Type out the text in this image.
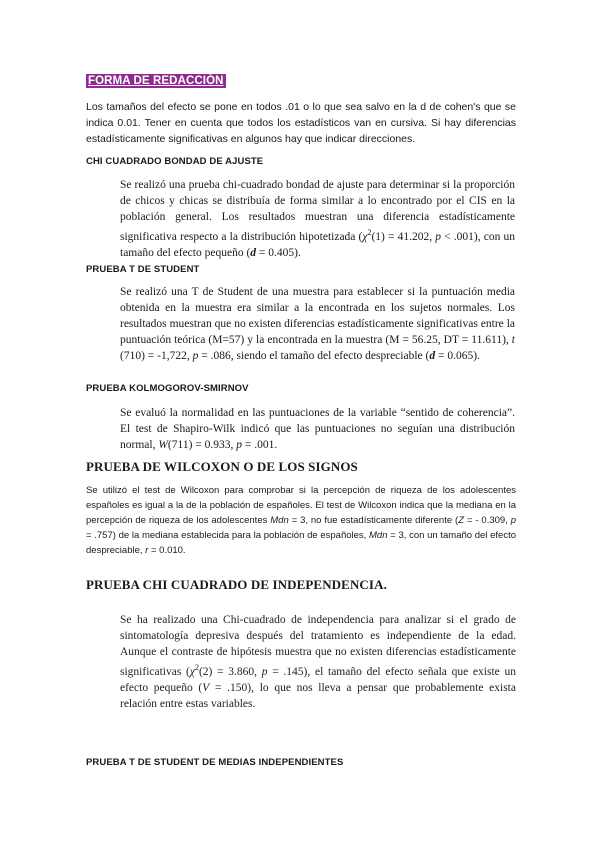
FORMA DE REDACCIÓN
Los tamaños del efecto se pone en todos .01 o lo que sea salvo en la d de cohen's que se indica 0.01. Tener en cuenta que todos los estadísticos van en cursiva. Si hay diferencias estadísticamente significativas en algunos hay que indicar direcciones.
CHI CUADRADO BONDAD DE AJUSTE
Se realizó una prueba chi-cuadrado bondad de ajuste para determinar si la proporción de chicos y chicas se distribuía de forma similar a lo encontrado por el CIS en la población general. Los resultados muestran una diferencia estadísticamente significativa respecto a la distribución hipotetizada ($\chi^2(1) = 41.202$, p < .001), con un tamaño del efecto pequeño (d = 0.405).
PRUEBA T DE STUDENT
Se realizó una T de Student de una muestra para establecer si la puntuación media obtenida en la muestra era similar a la encontrada en los sujetos normales. Los resultados muestran que no existen diferencias estadísticamente significativas entre la puntuación teórica (M=57) y la encontrada en la muestra (M = 56.25, DT = 11.611), t (710) = -1,722, p = .086, siendo el tamaño del efecto despreciable (d = 0.065).
PRUEBA KOLMOGOROV-SMIRNOV
Se evaluó la normalidad en las puntuaciones de la variable “sentido de coherencia”. El test de Shapiro-Wilk indicó que las puntuaciones no seguían una distribución normal, W(711) = 0.933, p = .001.
PRUEBA DE WILCOXON O DE LOS SIGNOS
Se utilizó el test de Wilcoxon para comprobar si la percepción de riqueza de los adolescentes españoles es igual a la de la población de españoles. El test de Wilcoxon indica que la mediana en la percepción de riqueza de los adolescentes Mdn = 3, no fue estadísticamente diferente (Z = - 0.309, p = .757) de la mediana establecida para la población de españoles, Mdn = 3, con un tamaño del efecto despreciable, r = 0.010.
PRUEBA CHI CUADRADO DE INDEPENDENCIA.
Se ha realizado una Chi-cuadrado de independencia para analizar si el grado de sintomatología depresiva después del tratamiento es independiente de la edad. Aunque el contraste de hipótesis muestra que no existen diferencias estadísticamente significativas ($\chi^2(2) = 3.860$, p = .145), el tamaño del efecto señala que existe un efecto pequeño (V = .150), lo que nos lleva a pensar que probablemente exista relación entre estas variables.
PRUEBA T DE STUDENT DE MEDIAS INDEPENDIENTES
